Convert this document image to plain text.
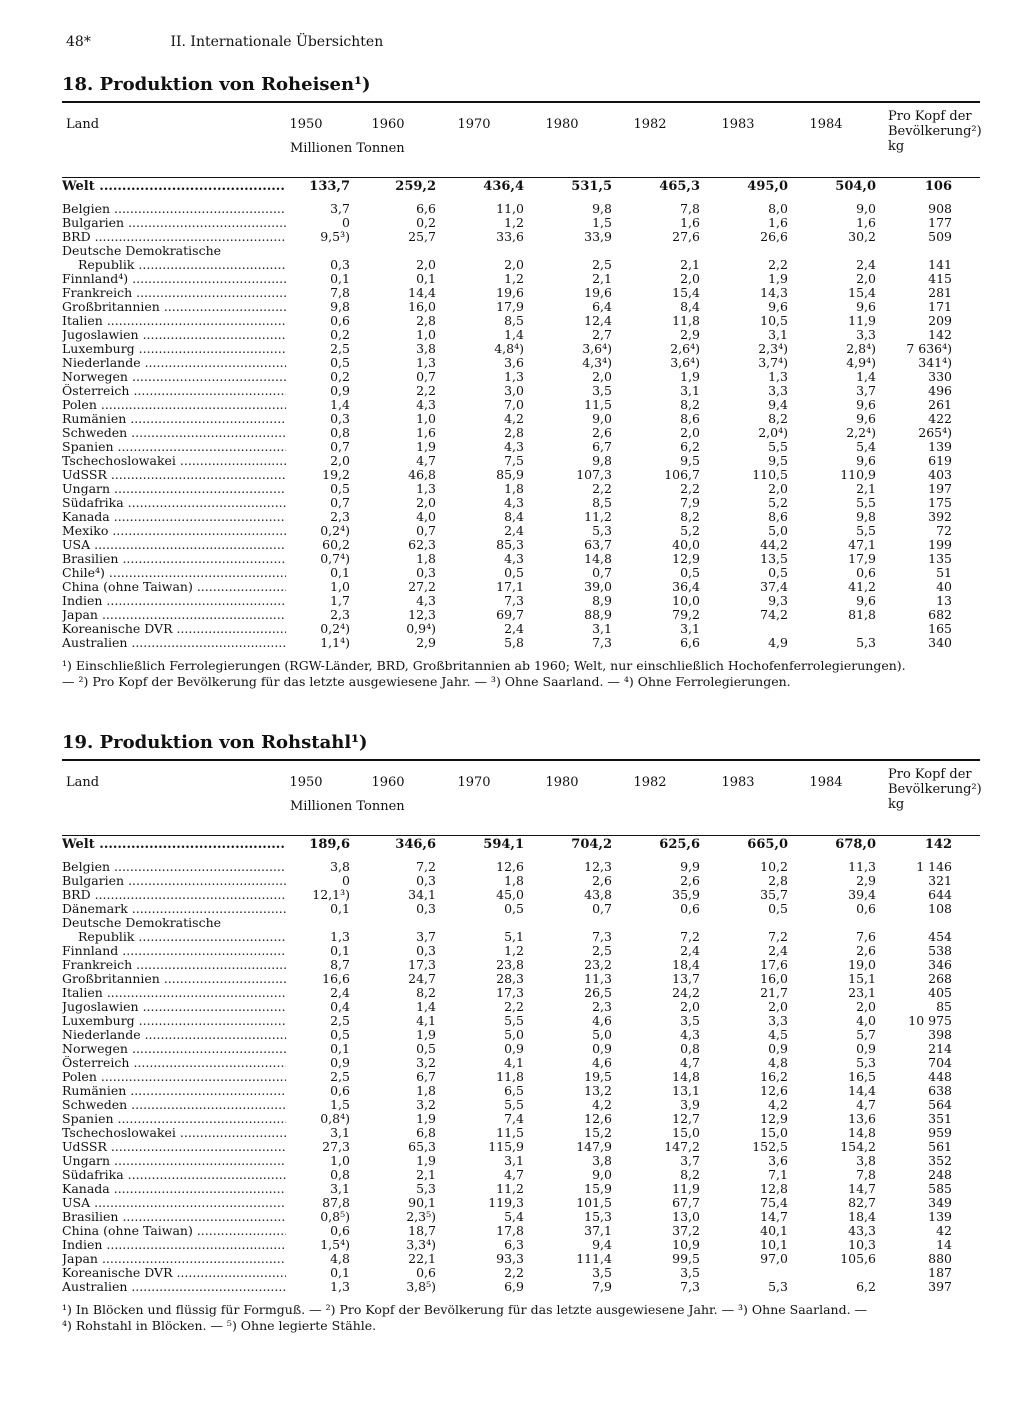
48*	II. Internationale Übersichten
18. Produktion von Roheisen¹)
Land	1950	1960	1970	1980	1982	1983	1984
Millionen Tonnen
Pro Kopf der Bevölkerung²) kg
Welt .....	133,7	259,2	436,4	531,5	465,3	495,0	504,0	106

Belgien .....	3,7	6,6	11,0	9,8	7,8	8,0	9,0	908

Bulgarien .....	0	0,2	1,2	1,5	1,6	1,6	1,6	177

BRD .....	9,5³)	25,7	33,6	33,9	27,6	26,6	30,2	509
Deutsche Demokratische								

Republik .....	0,3	2,0	2,0	2,5	2,1	2,2	2,4	141

Finnland⁴) .....	0,1	0,1	1,2	2,1	2,0	1,9	2,0	415

Frankreich .....	7,8	14,4	19,6	19,6	15,4	14,3	15,4	281

Großbritannien .....	9,8	16,0	17,9	6,4	8,4	9,6	9,6	171

Italien .....	0,6	2,8	8,5	12,4	11,8	10,5	11,9	209

Jugoslawien .....	0,2	1,0	1,4	2,7	2,9	3,1	3,3	142

Luxemburg .....	2,5	3,8	4,8⁴)	3,6⁴)	2,6⁴)	2,3⁴)	2,8⁴)	7 636⁴)

Niederlande .....	0,5	1,3	3,6	4,3⁴)	3,6⁴)	3,7⁴)	4,9⁴)	341⁴)

Norwegen .....	0,2	0,7	1,3	2,0	1,9	1,3	1,4	330

Österreich .....	0,9	2,2	3,0	3,5	3,1	3,3	3,7	496

Polen .....	1,4	4,3	7,0	11,5	8,2	9,4	9,6	261

Rumänien .....	0,3	1,0	4,2	9,0	8,6	8,2	9,6	422

Schweden .....	0,8	1,6	2,8	2,6	2,0	2,0⁴)	2,2⁴)	265⁴)

Spanien .....	0,7	1,9	4,3	6,7	6,2	5,5	5,4	139

Tschechoslowakei .....	2,0	4,7	7,5	9,8	9,5	9,5	9,6	619

UdSSR .....	19,2	46,8	85,9	107,3	106,7	110,5	110,9	403

Ungarn .....	0,5	1,3	1,8	2,2	2,2	2,0	2,1	197

Südafrika .....	0,7	2,0	4,3	8,5	7,9	5,2	5,5	175

Kanada .....	2,3	4,0	8,4	11,2	8,2	8,6	9,8	392

Mexiko .....	0,2⁴)	0,7	2,4	5,3	5,2	5,0	5,5	72

USA .....	60,2	62,3	85,3	63,7	40,0	44,2	47,1	199

Brasilien .....	0,7⁴)	1,8	4,3	14,8	12,9	13,5	17,9	135

Chile⁴) .....	0,1	0,3	0,5	0,7	0,5	0,5	0,6	51

China (ohne Taiwan) .....	1,0	27,2	17,1	39,0	36,4	37,4	41,2	40

Indien .....	1,7	4,3	7,3	8,9	10,0	9,3	9,6	13

Japan .....	2,3	12,3	69,7	88,9	79,2	74,2	81,8	682

Koreanische DVR .....	0,2⁴)	0,9⁴)	2,4	3,1	3,1			165

Australien .....	1,1⁴)	2,9	5,8	7,3	6,6	4,9	5,3	340
¹) Einschließlich Ferrolegierungen (RGW-Länder, BRD, Großbritannien ab 1960; Welt, nur einschließlich Hochofenferrolegierungen).
— ²) Pro Kopf der Bevölkerung für das letzte ausgewiesene Jahr. — ³) Ohne Saarland. — ⁴) Ohne Ferrolegierungen.
19. Produktion von Rohstahl¹)
Land	1950	1960	1970	1980	1982	1983	1984
Millionen Tonnen
Pro Kopf der Bevölkerung²) kg
Welt .....	189,6	346,6	594,1	704,2	625,6	665,0	678,0	142

Belgien .....	3,8	7,2	12,6	12,3	9,9	10,2	11,3	1 146

Bulgarien .....	0	0,3	1,8	2,6	2,6	2,8	2,9	321

BRD .....	12,1³)	34,1	45,0	43,8	35,9	35,7	39,4	644

Dänemark .....	0,1	0,3	0,5	0,7	0,6	0,5	0,6	108
Deutsche Demokratische								

Republik .....	1,3	3,7	5,1	7,3	7,2	7,2	7,6	454

Finnland .....	0,1	0,3	1,2	2,5	2,4	2,4	2,6	538

Frankreich .....	8,7	17,3	23,8	23,2	18,4	17,6	19,0	346

Großbritannien .....	16,6	24,7	28,3	11,3	13,7	16,0	15,1	268

Italien .....	2,4	8,2	17,3	26,5	24,2	21,7	23,1	405

Jugoslawien .....	0,4	1,4	2,2	2,3	2,0	2,0	2,0	85

Luxemburg .....	2,5	4,1	5,5	4,6	3,5	3,3	4,0	10 975

Niederlande .....	0,5	1,9	5,0	5,0	4,3	4,5	5,7	398

Norwegen .....	0,1	0,5	0,9	0,9	0,8	0,9	0,9	214

Österreich .....	0,9	3,2	4,1	4,6	4,7	4,8	5,3	704

Polen .....	2,5	6,7	11,8	19,5	14,8	16,2	16,5	448

Rumänien .....	0,6	1,8	6,5	13,2	13,1	12,6	14,4	638

Schweden .....	1,5	3,2	5,5	4,2	3,9	4,2	4,7	564

Spanien .....	0,8⁴)	1,9	7,4	12,6	12,7	12,9	13,6	351

Tschechoslowakei .....	3,1	6,8	11,5	15,2	15,0	15,0	14,8	959

UdSSR .....	27,3	65,3	115,9	147,9	147,2	152,5	154,2	561

Ungarn .....	1,0	1,9	3,1	3,8	3,7	3,6	3,8	352

Südafrika .....	0,8	2,1	4,7	9,0	8,2	7,1	7,8	248

Kanada .....	3,1	5,3	11,2	15,9	11,9	12,8	14,7	585

USA .....	87,8	90,1	119,3	101,5	67,7	75,4	82,7	349

Brasilien .....	0,8⁵)	2,3⁵)	5,4	15,3	13,0	14,7	18,4	139

China (ohne Taiwan) .....	0,6	18,7	17,8	37,1	37,2	40,1	43,3	42

Indien .....	1,5⁴)	3,3⁴)	6,3	9,4	10,9	10,1	10,3	14

Japan .....	4,8	22,1	93,3	111,4	99,5	97,0	105,6	880

Koreanische DVR .....	0,1	0,6	2,2	3,5	3,5			187

Australien .....	1,3	3,8⁵)	6,9	7,9	7,3	5,3	6,2	397
¹) In Blöcken und flüssig für Formguß. — ²) Pro Kopf der Bevölkerung für das letzte ausgewiesene Jahr. — ³) Ohne Saarland. —
⁴) Rohstahl in Blöcken. — ⁵) Ohne legierte Stähle.
